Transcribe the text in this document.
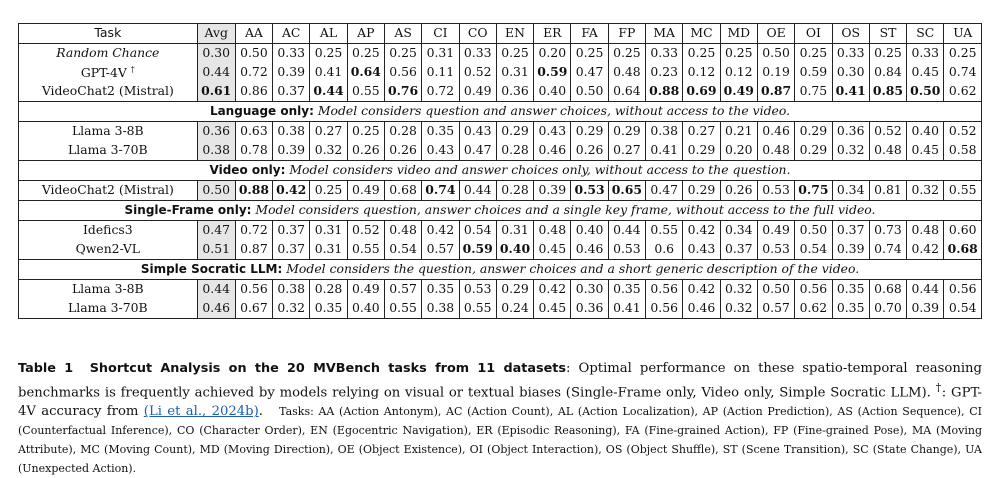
Task	Avg	AA	AC	AL	AP	AS	CI	CO	EN	ER	FA	FP	MA	MC	MD	OE	OI	OS	ST	SC	UA
Random Chance	0.30	0.50	0.33	0.25	0.25	0.25	0.31	0.33	0.25	0.20	0.25	0.25	0.33	0.25	0.25	0.50	0.25	0.33	0.25	0.33	0.25
GPT-4V †	0.44	0.72	0.39	0.41	0.64	0.56	0.11	0.52	0.31	0.59	0.47	0.48	0.23	0.12	0.12	0.19	0.59	0.30	0.84	0.45	0.74
VideoChat2 (Mistral)	0.61	0.86	0.37	0.44	0.55	0.76	0.72	0.49	0.36	0.40	0.50	0.64	0.88	0.69	0.49	0.87	0.75	0.41	0.85	0.50	0.62
Language only: Model considers question and answer choices, without access to the video.																					
Llama 3-8B	0.36	0.63	0.38	0.27	0.25	0.28	0.35	0.43	0.29	0.43	0.29	0.29	0.38	0.27	0.21	0.46	0.29	0.36	0.52	0.40	0.52
Llama 3-70B	0.38	0.78	0.39	0.32	0.26	0.26	0.43	0.47	0.28	0.46	0.26	0.27	0.41	0.29	0.20	0.48	0.29	0.32	0.48	0.45	0.58
Video only: Model considers video and answer choices only, without access to the question.																					
VideoChat2 (Mistral)	0.50	0.88	0.42	0.25	0.49	0.68	0.74	0.44	0.28	0.39	0.53	0.65	0.47	0.29	0.26	0.53	0.75	0.34	0.81	0.32	0.55
Single-Frame only: Model considers question, answer choices and a single key frame, without access to the full video.																					
Idefics3	0.47	0.72	0.37	0.31	0.52	0.48	0.42	0.54	0.31	0.48	0.40	0.44	0.55	0.42	0.34	0.49	0.50	0.37	0.73	0.48	0.60
Qwen2-VL	0.51	0.87	0.37	0.31	0.55	0.54	0.57	0.59	0.40	0.45	0.46	0.53	0.6	0.43	0.37	0.53	0.54	0.39	0.74	0.42	0.68
Simple Socratic LLM: Model considers the question, answer choices and a short generic description of the video.																					
Llama 3-8B	0.44	0.56	0.38	0.28	0.49	0.57	0.35	0.53	0.29	0.42	0.30	0.35	0.56	0.42	0.32	0.50	0.56	0.35	0.68	0.44	0.56
Llama 3-70B	0.46	0.67	0.32	0.35	0.40	0.55	0.38	0.55	0.24	0.45	0.36	0.41	0.56	0.46	0.32	0.57	0.62	0.35	0.70	0.39	0.54
Table 1 Shortcut Analysis on the 20 MVBench tasks from 11 datasets: Optimal performance on these spatio-temporal reasoning benchmarks is frequently achieved by models relying on visual or textual biases (Single-Frame only, Video only, Simple Socratic LLM). †: GPT-4V accuracy from (Li et al., 2024b). Tasks: AA (Action Antonym), AC (Action Count), AL (Action Localization), AP (Action Prediction), AS (Action Sequence), CI (Counterfactual Inference), CO (Character Order), EN (Egocentric Navigation), ER (Episodic Reasoning), FA (Fine-grained Action), FP (Fine-grained Pose), MA (Moving Attribute), MC (Moving Count), MD (Moving Direction), OE (Object Existence), OI (Object Interaction), OS (Object Shuffle), ST (Scene Transition), SC (State Change), UA (Unexpected Action).
